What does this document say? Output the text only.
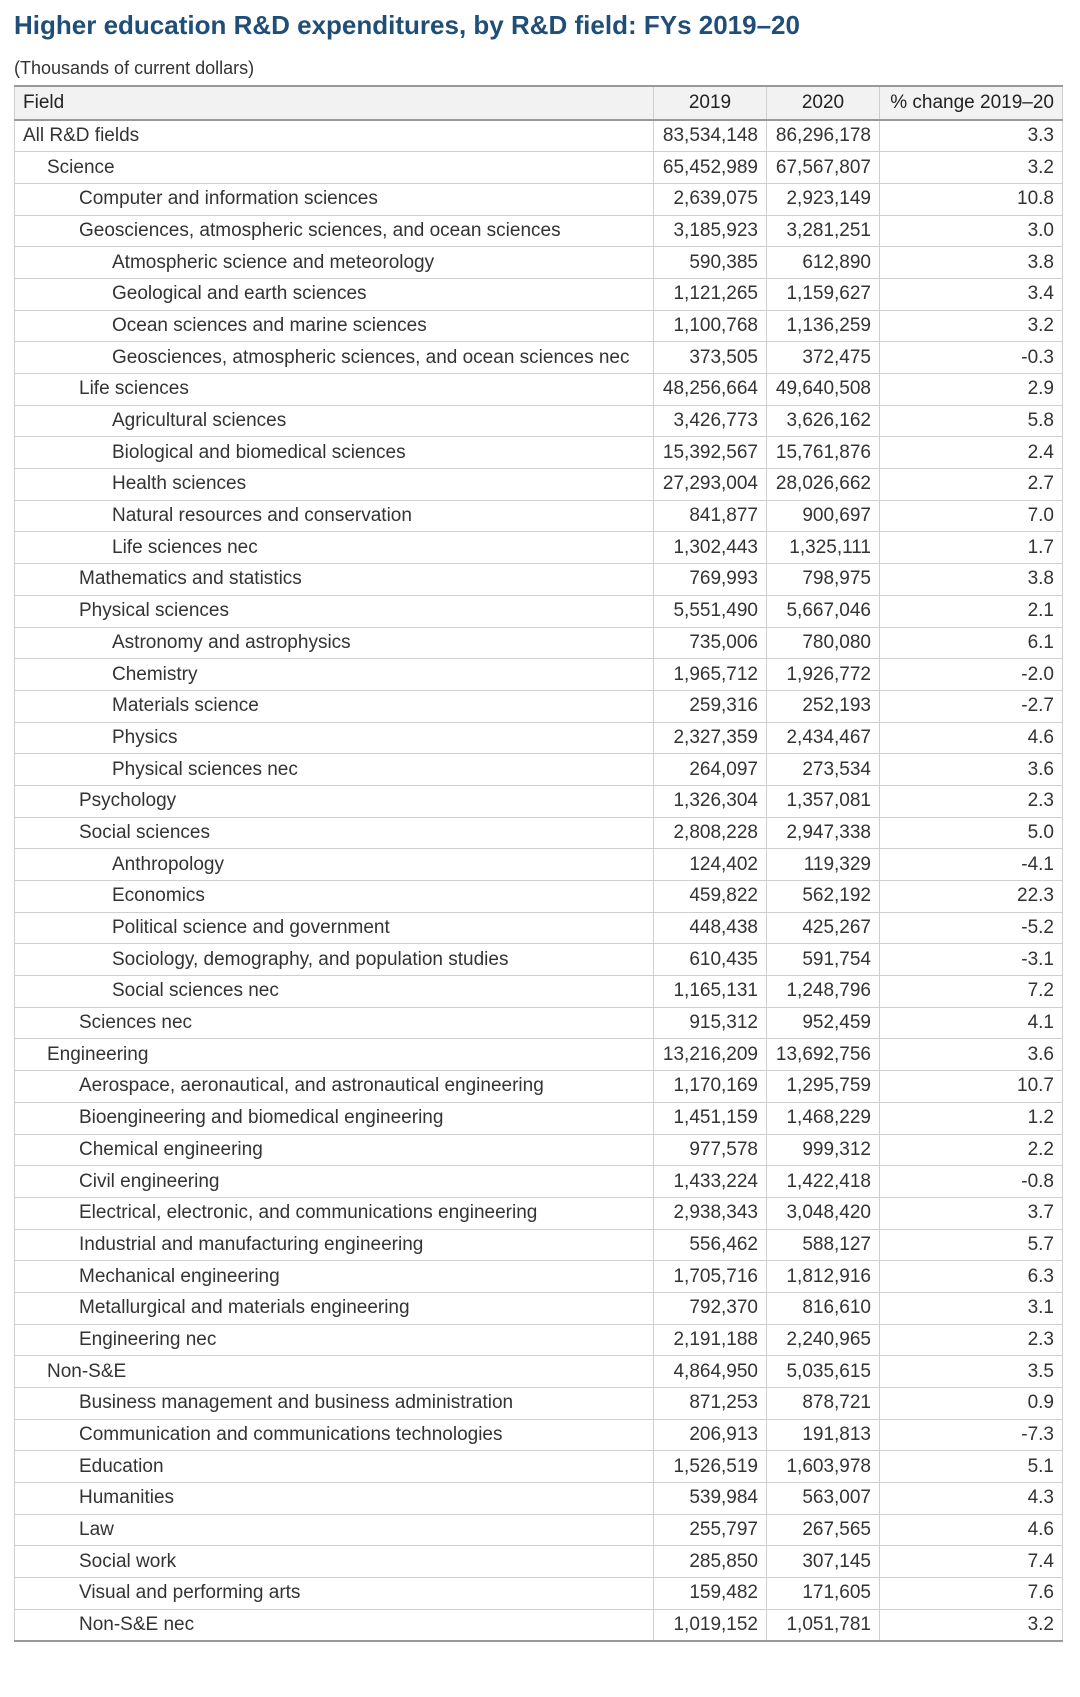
Higher education R&D expenditures, by R&D field: FYs 2019–20
(Thousands of current dollars)
Field	2019	2020	% change 2019–20
All R&D fields	83,534,148	86,296,178	3.3
Science	65,452,989	67,567,807	3.2
Computer and information sciences	2,639,075	2,923,149	10.8
Geosciences, atmospheric sciences, and ocean sciences	3,185,923	3,281,251	3.0
Atmospheric science and meteorology	590,385	612,890	3.8
Geological and earth sciences	1,121,265	1,159,627	3.4
Ocean sciences and marine sciences	1,100,768	1,136,259	3.2
Geosciences, atmospheric sciences, and ocean sciences nec	373,505	372,475	-0.3
Life sciences	48,256,664	49,640,508	2.9
Agricultural sciences	3,426,773	3,626,162	5.8
Biological and biomedical sciences	15,392,567	15,761,876	2.4
Health sciences	27,293,004	28,026,662	2.7
Natural resources and conservation	841,877	900,697	7.0
Life sciences nec	1,302,443	1,325,111	1.7
Mathematics and statistics	769,993	798,975	3.8
Physical sciences	5,551,490	5,667,046	2.1
Astronomy and astrophysics	735,006	780,080	6.1
Chemistry	1,965,712	1,926,772	-2.0
Materials science	259,316	252,193	-2.7
Physics	2,327,359	2,434,467	4.6
Physical sciences nec	264,097	273,534	3.6
Psychology	1,326,304	1,357,081	2.3
Social sciences	2,808,228	2,947,338	5.0
Anthropology	124,402	119,329	-4.1
Economics	459,822	562,192	22.3
Political science and government	448,438	425,267	-5.2
Sociology, demography, and population studies	610,435	591,754	-3.1
Social sciences nec	1,165,131	1,248,796	7.2
Sciences nec	915,312	952,459	4.1
Engineering	13,216,209	13,692,756	3.6
Aerospace, aeronautical, and astronautical engineering	1,170,169	1,295,759	10.7
Bioengineering and biomedical engineering	1,451,159	1,468,229	1.2
Chemical engineering	977,578	999,312	2.2
Civil engineering	1,433,224	1,422,418	-0.8
Electrical, electronic, and communications engineering	2,938,343	3,048,420	3.7
Industrial and manufacturing engineering	556,462	588,127	5.7
Mechanical engineering	1,705,716	1,812,916	6.3
Metallurgical and materials engineering	792,370	816,610	3.1
Engineering nec	2,191,188	2,240,965	2.3
Non-S&E	4,864,950	5,035,615	3.5
Business management and business administration	871,253	878,721	0.9
Communication and communications technologies	206,913	191,813	-7.3
Education	1,526,519	1,603,978	5.1
Humanities	539,984	563,007	4.3
Law	255,797	267,565	4.6
Social work	285,850	307,145	7.4
Visual and performing arts	159,482	171,605	7.6
Non-S&E nec	1,019,152	1,051,781	3.2
